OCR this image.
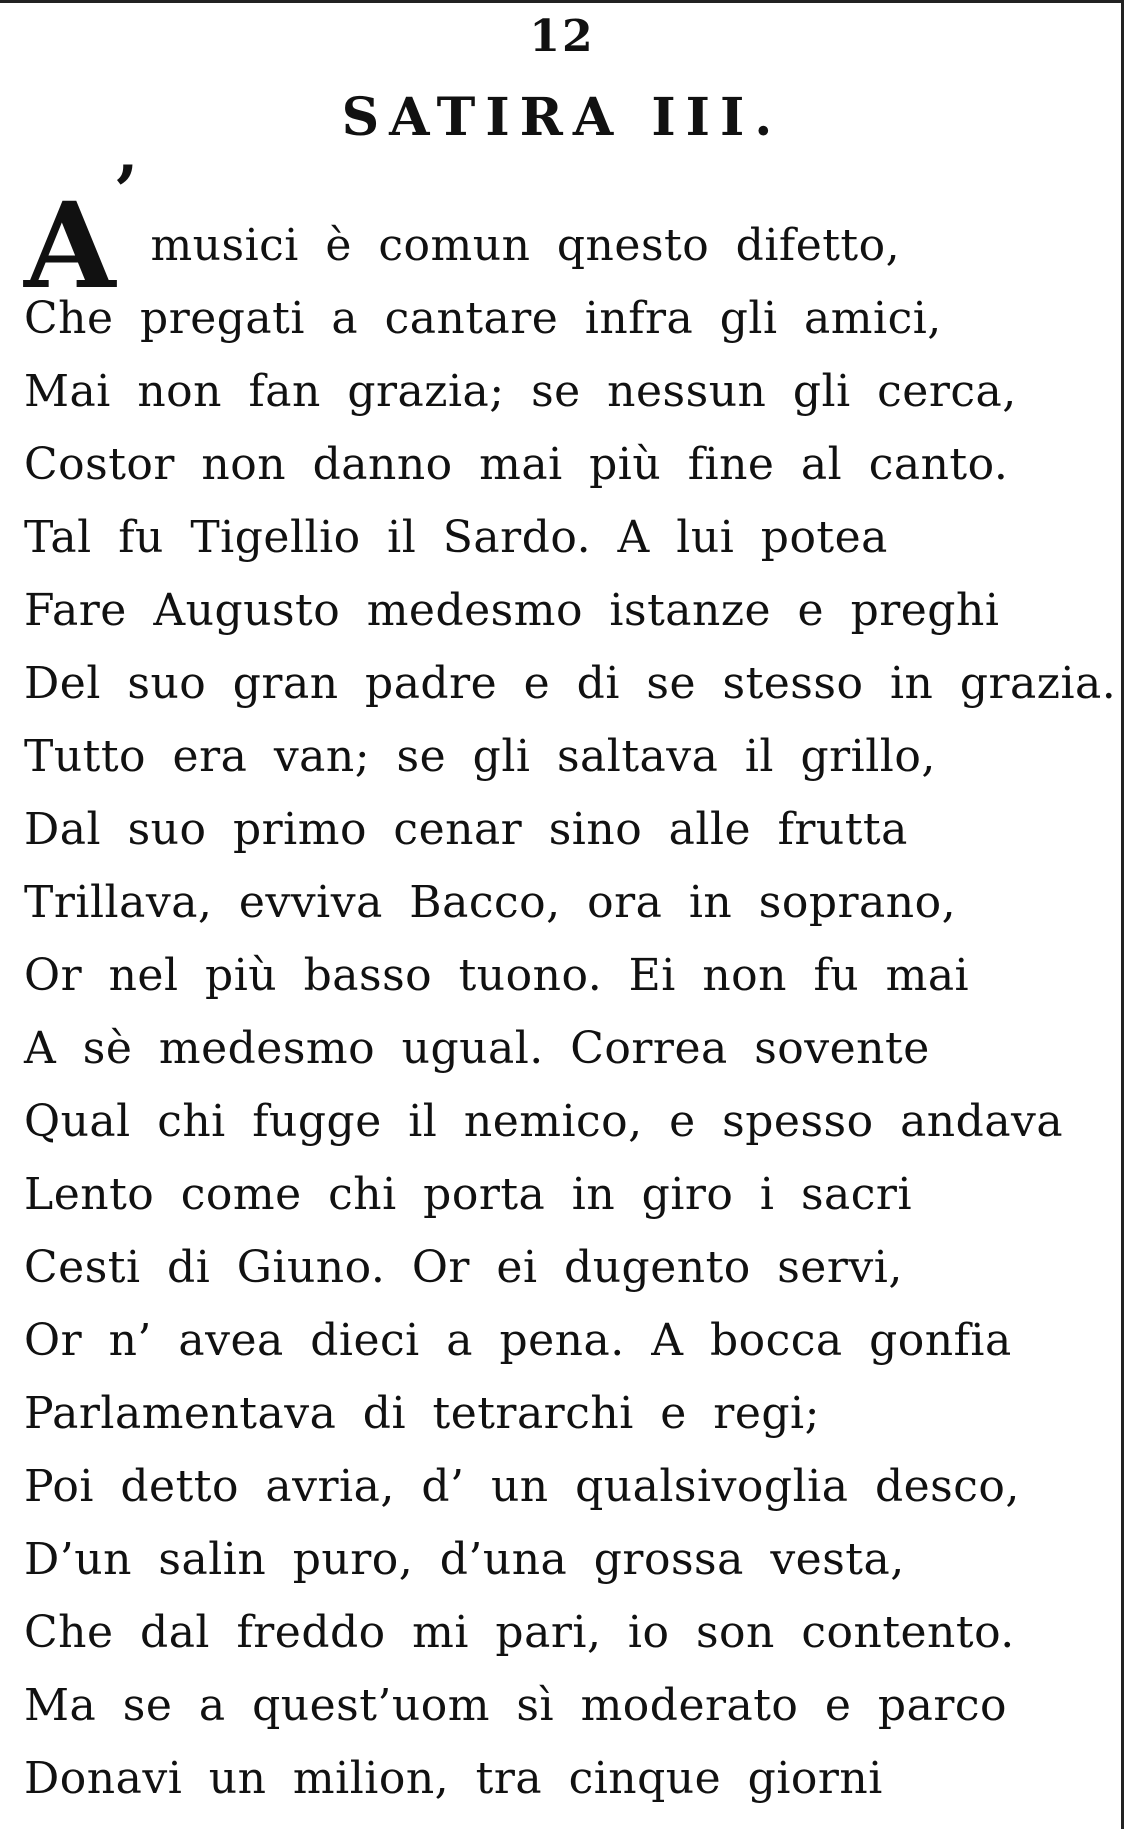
12
SATIRA III.
A’musici è comun qnesto difetto,
Che pregati a cantare infra gli amici,
Mai non fan grazia; se nessun gli cerca,
Costor non danno mai più fine al canto.
Tal fu Tigellio il Sardo. A lui potea
Fare Augusto medesmo istanze e preghi
Del suo gran padre e di se stesso in grazia.
Tutto era van; se gli saltava il grillo,
Dal suo primo cenar sino alle frutta
Trillava, evviva Bacco, ora in soprano,
Or nel più basso tuono. Ei non fu mai
A sè medesmo ugual. Correa sovente
Qual chi fugge il nemico, e spesso andava
Lento come chi porta in giro i sacri
Cesti di Giuno. Or ei dugento servi,
Or n’ avea dieci a pena. A bocca gonfia
Parlamentava di tetrarchi e regi;
Poi detto avria, d’ un qualsivoglia desco,
D’un salin puro, d’una grossa vesta,
Che dal freddo mi pari, io son contento.
Ma se a quest’uom sì moderato e parco
Donavi un milion, tra cinque giorni
